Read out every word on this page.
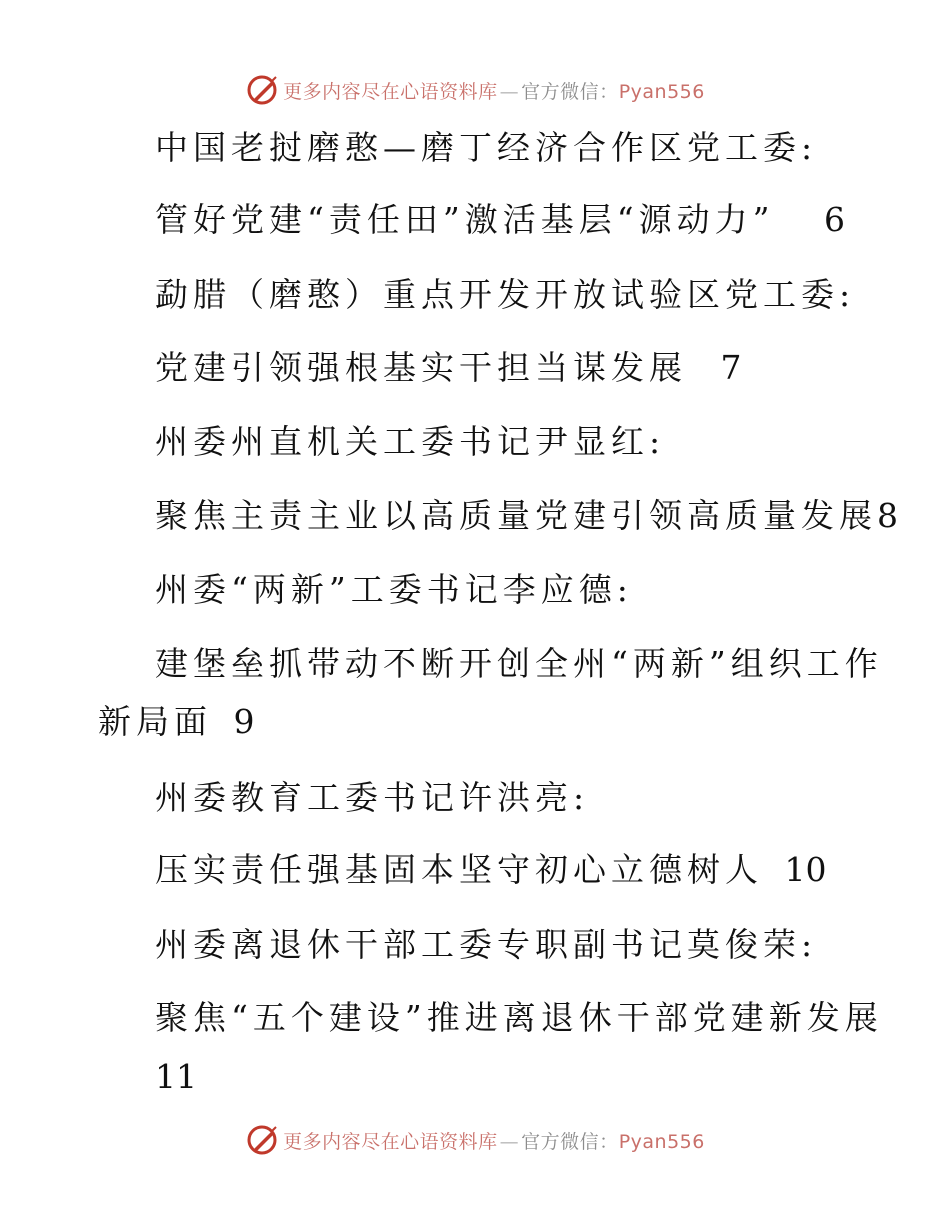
更多内容尽在心语资料库 — 官方微信：Pyan556
中国老挝磨憨—磨丁经济合作区党工委:
管好党建“责任田”激活基层“源动力” 6
勐腊（磨憨）重点开发开放试验区党工委:
党建引领强根基实干担当谋发展 7
州委州直机关工委书记尹显红:
聚焦主责主业以高质量党建引领高质量发展 8
州委“两新”工委书记李应德:
建堡垒抓带动不断开创全州“两新”组织工作
新局面 9
州委教育工委书记许洪亮:
压实责任强基固本坚守初心立德树人 10
州委离退休干部工委专职副书记莫俊荣:
聚焦“五个建设”推进离退休干部党建新发展
11
更多内容尽在心语资料库 — 官方微信：Pyan556
